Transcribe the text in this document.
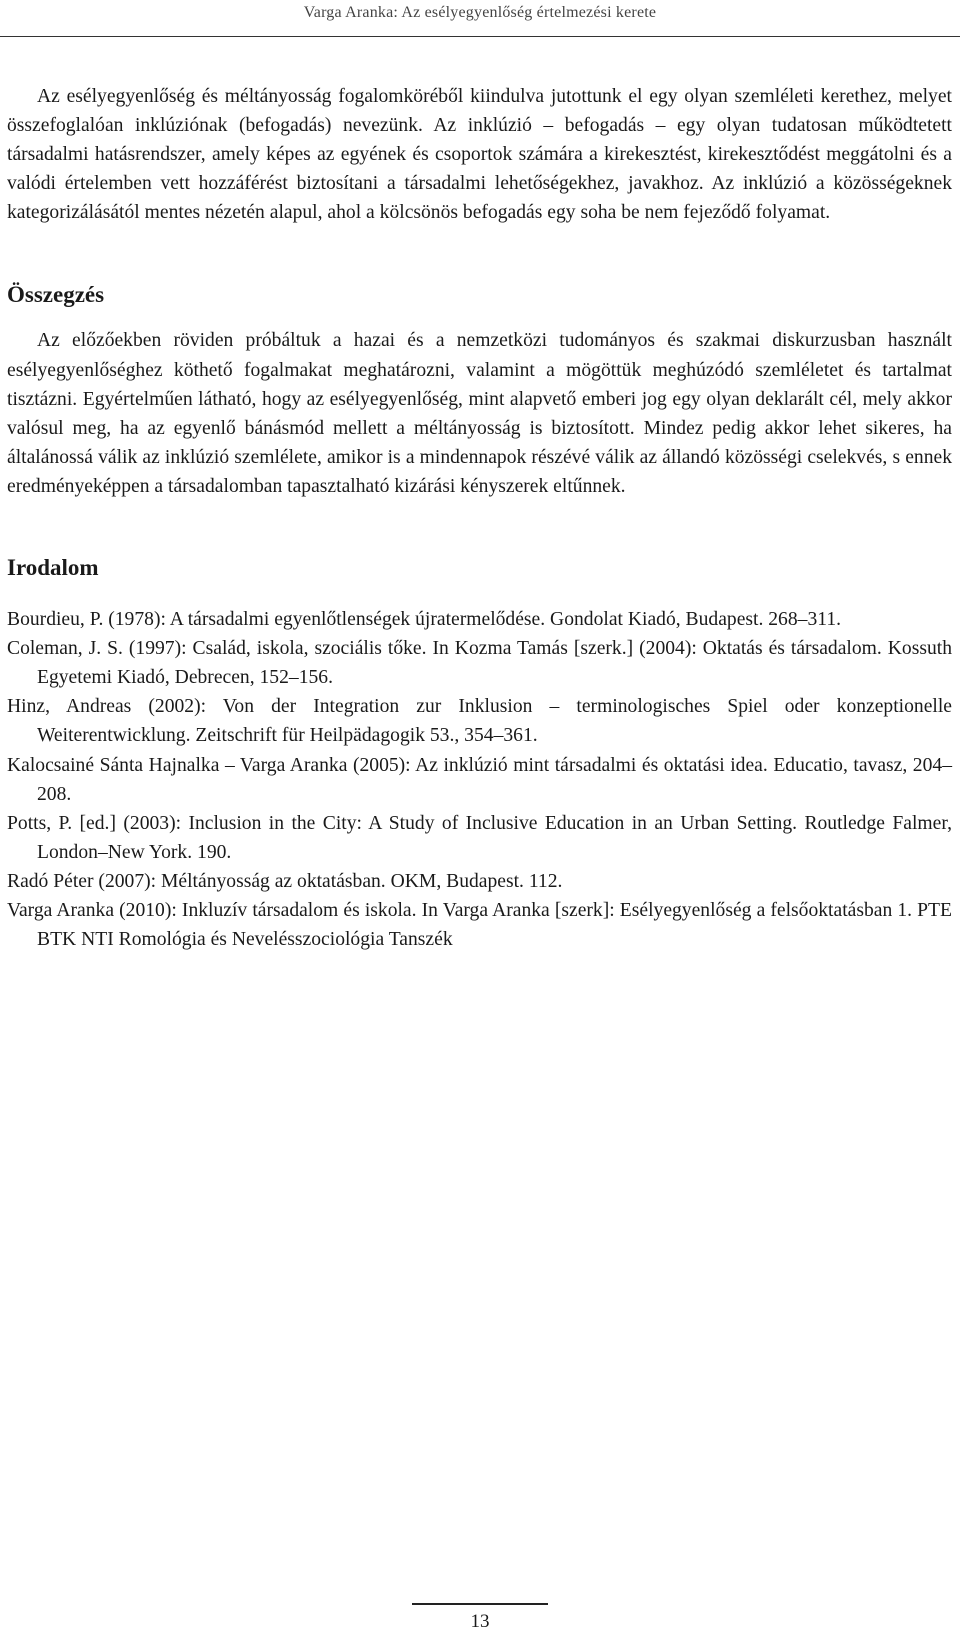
Varga Aranka: Az esélyegyenlőség értelmezési kerete

Az esélyegyenlőség és méltányosság fogalomköréből kiindulva jutottunk el egy olyan szemléleti kerethez, melyet összefoglalóan inklúziónak (befogadás) nevezünk. Az inklúzió – befogadás – egy olyan tudatosan működtetett társadalmi hatásrendszer, amely képes az egyének és csoportok számára a kirekesztést, kirekesztődést meggátolni és a valódi értelemben vett hozzáférést biztosítani a társadalmi lehetőségekhez, javakhoz. Az inklúzió a közösségeknek kategorizálásától mentes nézetén alapul, ahol a kölcsönös befogadás egy soha be nem fejeződő folyamat.

Összegzés

Az előzőekben röviden próbáltuk a hazai és a nemzetközi tudományos és szakmai diskurzusban használt esélyegyenlőséghez köthető fogalmakat meghatározni, valamint a mögöttük meghúzódó szemléletet és tartalmat tisztázni. Egyértelműen látható, hogy az esélyegyenlőség, mint alapvető emberi jog egy olyan deklarált cél, mely akkor valósul meg, ha az egyenlő bánásmód mellett a méltányosság is biztosított. Mindez pedig akkor lehet sikeres, ha általánossá válik az inklúzió szemlélete, amikor is a mindennapok részévé válik az állandó közösségi cselekvés, s ennek eredményeképpen a társadalomban tapasztalható kizárási kényszerek eltűnnek.

Irodalom
Bourdieu, P. (1978): A társadalmi egyenlőtlenségek újratermelődése. Gondolat Kiadó, Budapest. 268–311.
Coleman, J. S. (1997): Család, iskola, szociális tőke. In Kozma Tamás [szerk.] (2004): Oktatás és társadalom. Kossuth Egyetemi Kiadó, Debrecen, 152–156.
Hinz, Andreas (2002): Von der Integration zur Inklusion – terminologisches Spiel oder konzeptionelle Weiterentwicklung. Zeitschrift für Heilpädagogik 53., 354–361.
Kalocsainé Sánta Hajnalka – Varga Aranka (2005): Az inklúzió mint társadalmi és oktatási idea. Educatio, tavasz, 204–208.
Potts, P. [ed.] (2003): Inclusion in the City: A Study of Inclusive Education in an Urban Setting. Routledge Falmer, London–New York. 190.
Radó Péter (2007): Méltányosság az oktatásban. OKM, Budapest. 112.
Varga Aranka (2010): Inkluzív társadalom és iskola. In Varga Aranka [szerk]: Esélyegyenlőség a felsőoktatásban 1. PTE BTK NTI Romológia és Nevelésszociológia Tanszék
13
